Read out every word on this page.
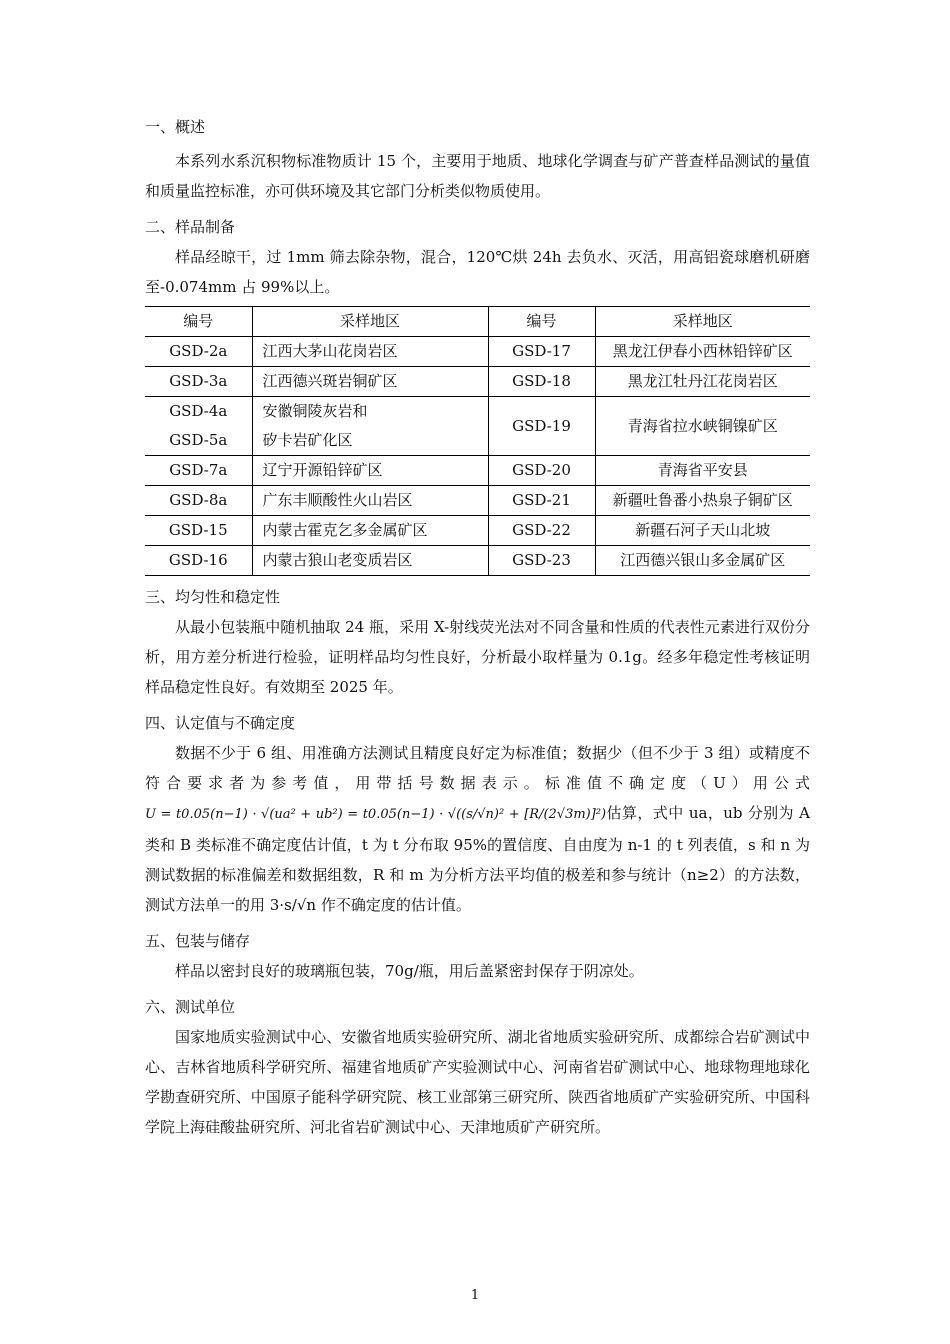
一、概述

本系列水系沉积物标准物质计 15 个，主要用于地质、地球化学调查与矿产普查样品测试的量值和质量监控标准，亦可供环境及其它部门分析类似物质使用。

二、样品制备

样品经晾干，过 1mm 筛去除杂物，混合，120℃烘 24h 去负水、灭活，用高铝瓷球磨机研磨至-0.074mm 占 99%以上。

编号	采样地区	编号	采样地区
GSD-2a	江西大茅山花岗岩区	GSD-17	黑龙江伊春小西林铅锌矿区
GSD-3a	江西德兴斑岩铜矿区	GSD-18	黑龙江牡丹江花岗岩区
GSD-4a	安徽铜陵灰岩和	GSD-19	青海省拉水峡铜镍矿区
GSD-5a	矽卡岩矿化区		
GSD-7a	辽宁开源铅锌矿区	GSD-20	青海省平安县
GSD-8a	广东丰顺酸性火山岩区	GSD-21	新疆吐鲁番小热泉子铜矿区
GSD-15	内蒙古霍克乞多金属矿区	GSD-22	新疆石河子天山北坡
GSD-16	内蒙古狼山老变质岩区	GSD-23	江西德兴银山多金属矿区

三、均匀性和稳定性

从最小包装瓶中随机抽取 24 瓶，采用 X-射线荧光法对不同含量和性质的代表性元素进行双份分析，用方差分析进行检验，证明样品均匀性良好，分析最小取样量为 0.1g。经多年稳定性考核证明样品稳定性良好。有效期至 2025 年。

四、认定值与不确定度

数据不少于 6 组、用准确方法测试且精度良好定为标准值；数据少（但不少于 3 组）或精度不符合要求者为参考值，用带括号数据表示。标准值不确定度（U）用公式U = t0.05(n−1) · √(ua² + ub²) = t0.05(n−1) · √((s/√n)² + [R/(2√3m)]²)估算，式中 ua，ub 分别为 A 类和 B 类标准不确定度估计值，t 为 t 分布取 95%的置信度、自由度为 n-1 的 t 列表值，s 和 n 为测试数据的标准偏差和数据组数，R 和 m 为分析方法平均值的极差和参与统计（n≥2）的方法数，测试方法单一的用 3·s/√n 作不确定度的估计值。

五、包装与储存

样品以密封良好的玻璃瓶包装，70g/瓶，用后盖紧密封保存于阴凉处。

六、测试单位

国家地质实验测试中心、安徽省地质实验研究所、湖北省地质实验研究所、成都综合岩矿测试中心、吉林省地质科学研究所、福建省地质矿产实验测试中心、河南省岩矿测试中心、地球物理地球化学勘查研究所、中国原子能科学研究院、核工业部第三研究所、陕西省地质矿产实验研究所、中国科学院上海硅酸盐研究所、河北省岩矿测试中心、天津地质矿产研究所。

1
